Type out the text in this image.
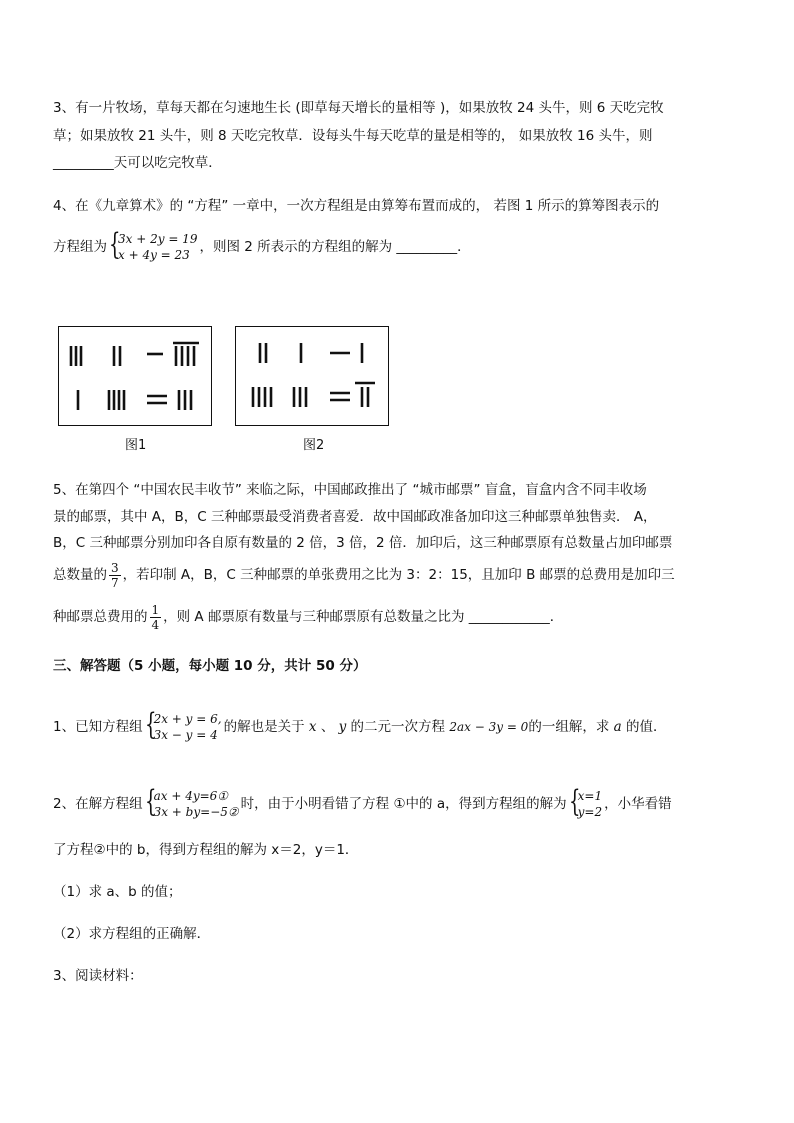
3、有一片牧场，草每天都在匀速地生长 (即草每天增长的量相等 )，如果放牧 24 头牛，则 6 天吃完牧
草；如果放牧 21 头牛，则 8 天吃完牧草．设每头牛每天吃草的量是相等的， 如果放牧 16 头牛，则
_________天可以吃完牧草．
4、在《九章算术》的 “方程” 一章中，一次方程组是由算筹布置而成的， 若图 1 所示的算筹图表示的
方程组为 {
3x + 2y = 19
x + 4y = 23 ，则图 2 所表示的方程组的解为 _________．
图1	图2
5、在第四个 “中国农民丰收节” 来临之际，中国邮政推出了 “城市邮票” 盲盒，盲盒内含不同丰收场
景的邮票，其中 A，B，C 三种邮票最受消费者喜爱．故中国邮政准备加印这三种邮票单独售卖． A，
B，C 三种邮票分别加印各自原有数量的 2 倍，3 倍，2 倍．加印后，这三种邮票原有总数量占加印邮票
总数量的 $\frac{3}{7}$ ，若印制 A，B，C 三种邮票的单张费用之比为 3：2：15，且加印 B 邮票的总费用是加印三
种邮票总费用的 $\frac{1}{4}$ ，则 A 邮票原有数量与三种邮票原有总数量之比为 ____________．
三、解答题（5 小题，每小题 10 分，共计 50 分）
1、已知方程组 {
2x + y = 6,
3x − y = 4 的解也是关于 x 、 y 的二元一次方程 2ax − 3y = 0的一组解，求 a 的值．
2、在解方程组 {
ax + 4y=6①
3x + by=−5② 时，由于小明看错了方程 ①中的 a，得到方程组的解为 {
x=1
y=2 ，小华看错
了方程②中的 b，得到方程组的解为 x＝2，y＝1．
（1）求 a、b 的值；
（2）求方程组的正确解．
3、阅读材料：
